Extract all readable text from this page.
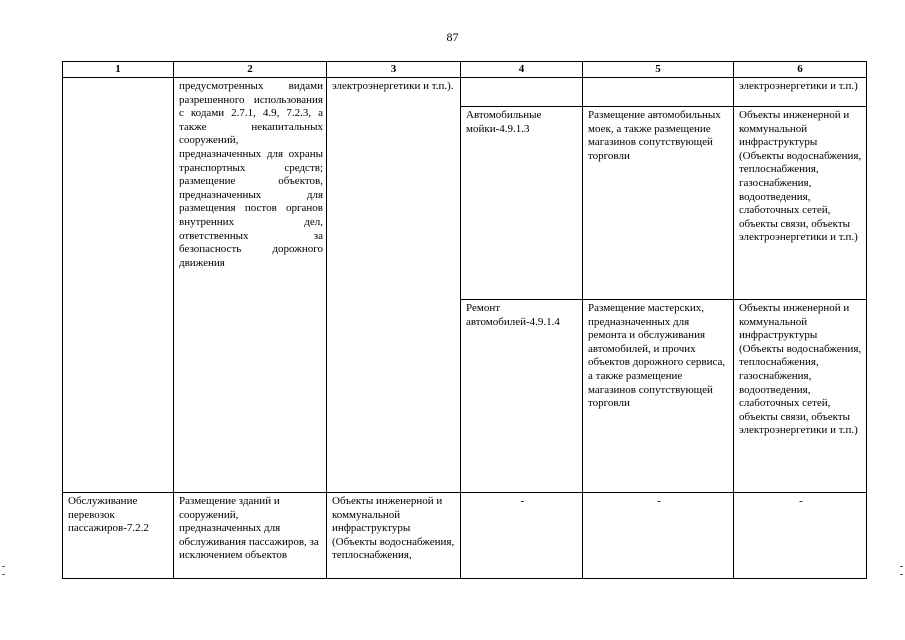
87
1	2	3	4	5	6
	предусмотренных видами разрешенного использования с кодами 2.7.1, 4.9, 7.2.3, а также некапитальных сооружений, предназначенных для охраны транспортных средств; размещение объектов, предназначенных для размещения постов органов внутренних дел, ответственных за безопасность дорожного движения	электроэнергетики и т.п.).			электроэнергетики и т.п.)
			Автомобильные мойки-4.9.1.3	Размещение автомобильных моек, а также размещение магазинов сопутствующей торговли	Объекты инженерной и коммунальной инфраструктуры (Объекты водоснабжения, теплоснабжения, газоснабжения, водоотведения, слаботочных сетей, объекты связи, объекты электроэнергетики и т.п.)
			Ремонт автомобилей-4.9.1.4	Размещение мастерских, предназначенных для ремонта и обслуживания автомобилей, и прочих объектов дорожного сервиса, а также размещение магазинов сопутствующей торговли	Объекты инженерной и коммунальной инфраструктуры (Объекты водоснабжения, теплоснабжения, газоснабжения, водоотведения, слаботочных сетей, объекты связи, объекты электроэнергетики и т.п.)
Обслуживание перевозок пассажиров-7.2.2	Размещение зданий и сооружений, предназначенных для обслуживания пассажиров, за исключением объектов	Объекты инженерной и коммунальной инфраструктуры (Объекты водоснабжения, теплоснабжения,	-	-	-
